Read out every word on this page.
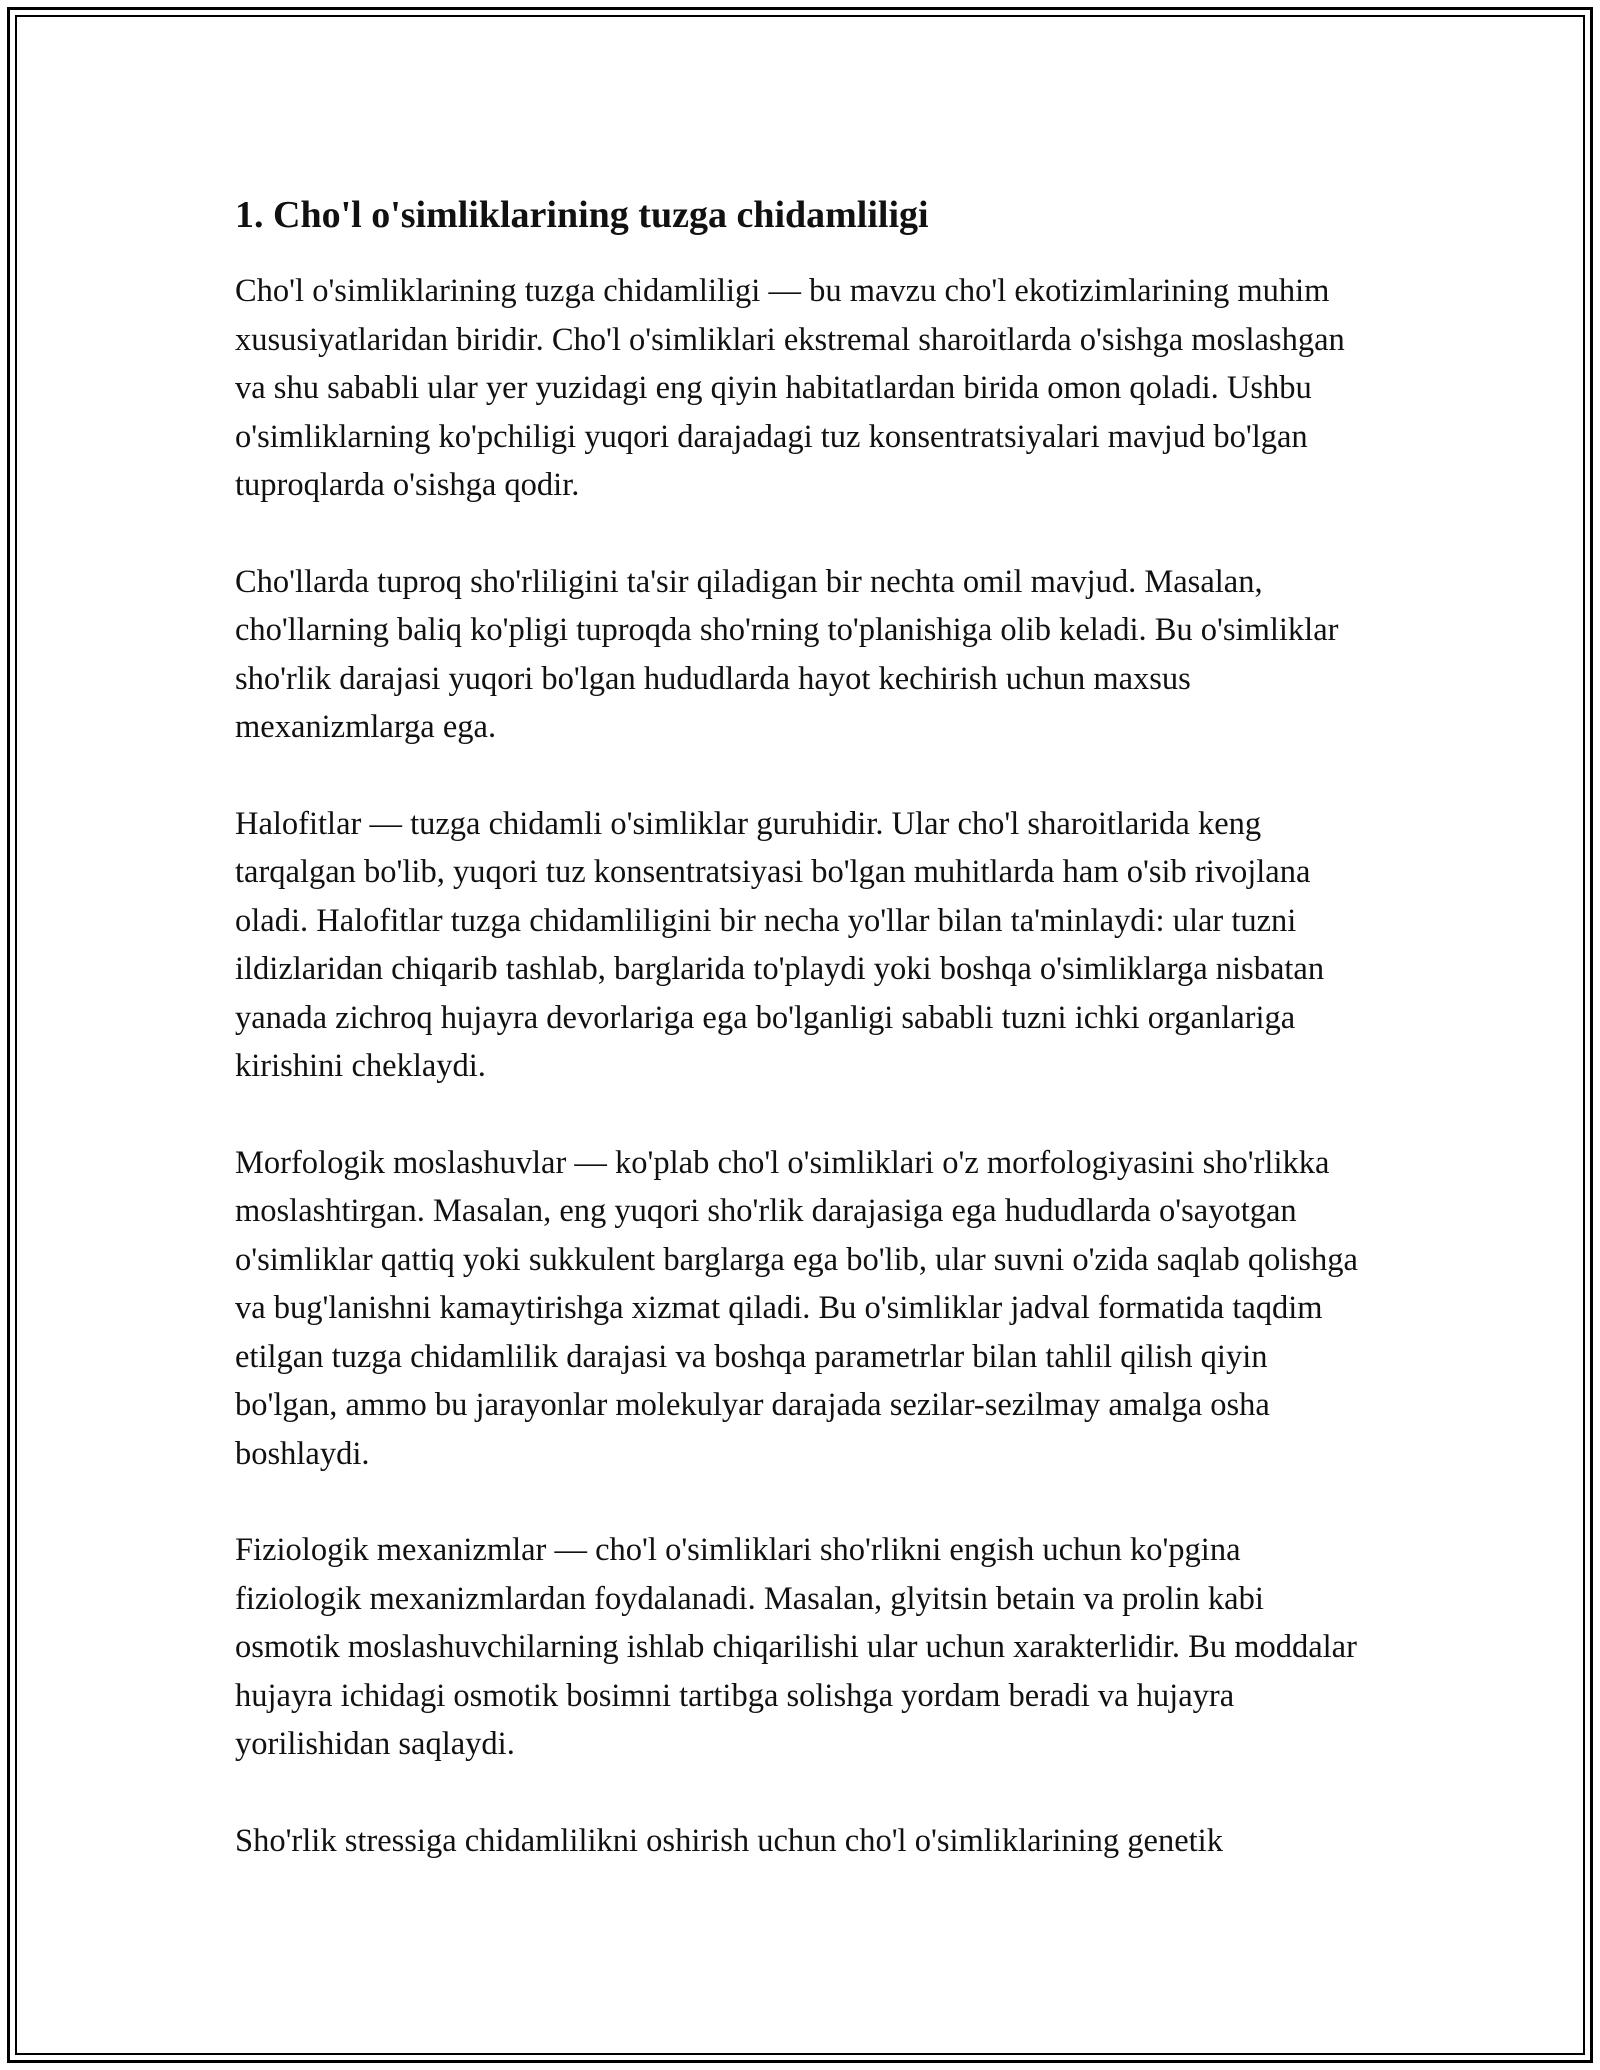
1. Cho'l o'simliklarining tuzga chidamliligi

Cho'l o'simliklarining tuzga chidamliligi — bu mavzu cho'l ekotizimlarining muhim xususiyatlaridan biridir. Cho'l o'simliklari ekstremal sharoitlarda o'sishga moslashgan va shu sababli ular yer yuzidagi eng qiyin habitatlardan birida omon qoladi. Ushbu o'simliklarning ko'pchiligi yuqori darajadagi tuz konsentratsiyalari mavjud bo'lgan tuproqlarda o'sishga qodir.

Cho'llarda tuproq sho'rliligini ta'sir qiladigan bir nechta omil mavjud. Masalan, cho'llarning baliq ko'pligi tuproqda sho'rning to'planishiga olib keladi. Bu o'simliklar sho'rlik darajasi yuqori bo'lgan hududlarda hayot kechirish uchun maxsus mexanizmlarga ega.

Halofitlar — tuzga chidamli o'simliklar guruhidir. Ular cho'l sharoitlarida keng tarqalgan bo'lib, yuqori tuz konsentratsiyasi bo'lgan muhitlarda ham o'sib rivojlana oladi. Halofitlar tuzga chidamliligini bir necha yo'llar bilan ta'minlaydi: ular tuzni ildizlaridan chiqarib tashlab, barglarida to'playdi yoki boshqa o'simliklarga nisbatan yanada zichroq hujayra devorlariga ega bo'lganligi sababli tuzni ichki organlariga kirishini cheklaydi.

Morfologik moslashuvlar — ko'plab cho'l o'simliklari o'z morfologiyasini sho'rlikka moslashtirgan. Masalan, eng yuqori sho'rlik darajasiga ega hududlarda o'sayotgan o'simliklar qattiq yoki sukkulent barglarga ega bo'lib, ular suvni o'zida saqlab qolishga va bug'lanishni kamaytirishga xizmat qiladi. Bu o'simliklar jadval formatida taqdim etilgan tuzga chidamlilik darajasi va boshqa parametrlar bilan tahlil qilish qiyin bo'lgan, ammo bu jarayonlar molekulyar darajada sezilar-sezilmay amalga osha boshlaydi.

Fiziologik mexanizmlar — cho'l o'simliklari sho'rlikni engish uchun ko'pgina fiziologik mexanizmlardan foydalanadi. Masalan, glyitsin betain va prolin kabi osmotik moslashuvchilarning ishlab chiqarilishi ular uchun xarakterlidir. Bu moddalar hujayra ichidagi osmotik bosimni tartibga solishga yordam beradi va hujayra yorilishidan saqlaydi.

Sho'rlik stressiga chidamlilikni oshirish uchun cho'l o'simliklarining genetik
